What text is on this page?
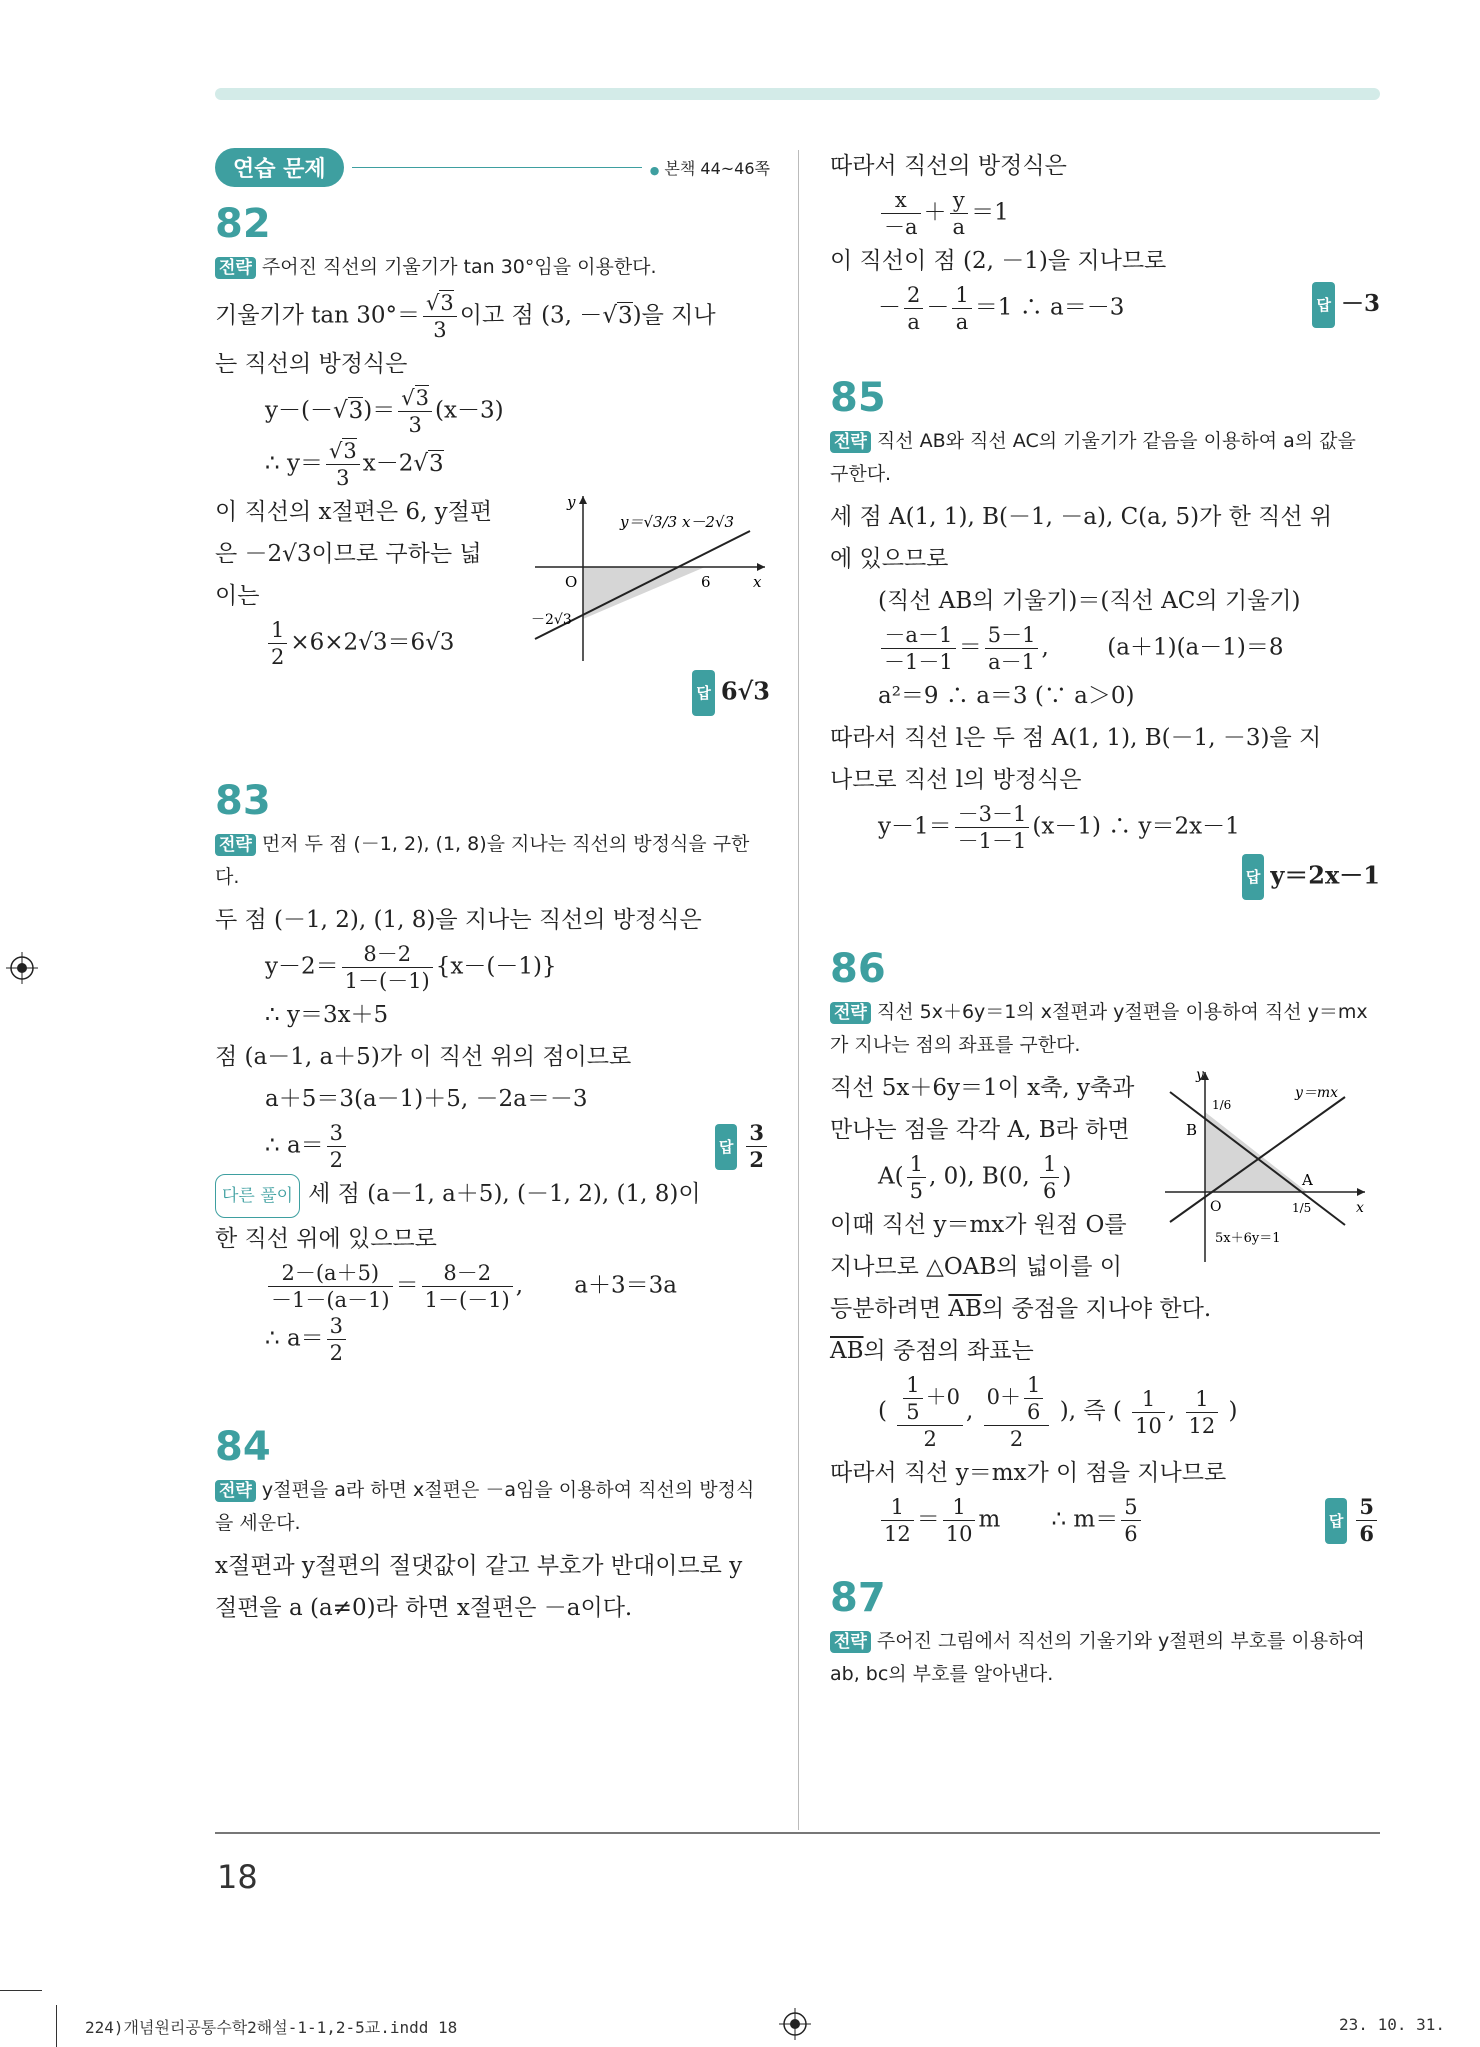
연습 문제	● 본책 44~46쪽

82

전략 주어진 직선의 기울기가 tan 30°임을 이용한다.
기울기가 $\tan 30^\circ= \frac{√3}{3}$ 이고 점 (3, －√3)을 지나
는 직선의 방정식은
$y-(-√3)= \frac{√3}{3} (x-3)$
∴ $y= \frac{√3}{3} x-2√3$
이 직선의 x절편은 6, y절편
은 －2√3이므로 구하는 넓
이는
$\frac{1}{2} \times 6\times 2√3=6√3$
y
x
O	6
－2√3
y＝√3/3 x－2√3
답 6√3

83

전략 먼저 두 점 (－1, 2), (1, 8)을 지나는 직선의 방정식을 구한다.
두 점 (－1, 2), (1, 8)을 지나는 직선의 방정식은
$y-2= \frac{8-2}{1-(-1)} \{x-(-1)\}$
∴ y＝3x＋5
점 (a－1, a＋5)가 이 직선 위의 점이므로
a＋5＝3(a－1)＋5, －2a＝－3
∴ $a= \frac{3}{2}$	답 $\frac{3}{2}$
다른 풀이 세 점 (a－1, a＋5), (－1, 2), (1, 8)이
한 직선 위에 있으므로
$\frac{2-(a+5)}{-1-(a-1)} = \frac{8-2}{1-(-1)}$ ,       a＋3＝3a
∴ $a= \frac{3}{2}$

84

전략 y절편을 a라 하면 x절편은 －a임을 이용하여 직선의 방정식을 세운다.
x절편과 y절편의 절댓값이 같고 부호가 반대이므로 y
절편을 a (a≠0)라 하면 x절편은 －a이다.
따라서 직선의 방정식은
$\frac{x}{-a} + \frac{y}{a} =1$
이 직선이 점 (2, －1)을 지나므로
－ $\frac{2}{a} - \frac{1}{a} =1$ ∴ a＝－3	답 －3

85

전략 직선 AB와 직선 AC의 기울기가 같음을 이용하여 a의 값을 구한다.
세 점 A(1, 1), B(－1, －a), C(a, 5)가 한 직선 위
에 있으므로
(직선 AB의 기울기)＝(직선 AC의 기울기)
$\frac{-a-1}{-1-1} = \frac{5-1}{a-1}$ ,        (a＋1)(a－1)＝8
a²＝9 ∴ a＝3 (∵ a＞0)
따라서 직선 l은 두 점 A(1, 1), B(－1, －3)을 지
나므로 직선 l의 방정식은
$y-1= \frac{-3-1}{-1-1} (x-1)$ ∴ y＝2x－1
답 y＝2x－1

86

전략 직선 5x＋6y＝1의 x절편과 y절편을 이용하여 직선 y＝mx가 지나는 점의 좌표를 구한다.
직선 5x＋6y＝1이 x축, y축과
만나는 점을 각각 A, B라 하면
$A( \frac{1}{5}$ , 0), B(0, $\frac{1}{6}$ )
이때 직선 y＝mx가 원점 O를
지나므로 △OAB의 넓이를 이
y
x
O
B
A
y＝mx
1/6
1/5
5x＋6y＝1
등분하려면 $\overline{AB}$의 중점을 지나야 한다.
$\overline{AB}$의 중점의 좌표는
( $\frac{\frac{1}{5} +0}{2}$ , $\frac{0+ \frac{1}{6}}{2}$ ), 즉 ( $\frac{1}{10}$ , $\frac{1}{12}$ )
따라서 직선 y＝mx가 이 점을 지나므로
$\frac{1}{12} = \frac{1}{10}$ m       ∴ $m= \frac{5}{6}$	답 $\frac{5}{6}$

87

전략 주어진 그림에서 직선의 기울기와 y절편의 부호를 이용하여 ab, bc의 부호를 알아낸다.
18
224)개념원리공통수학2해설-1-1,2-5교.indd 18	23. 10. 31.
